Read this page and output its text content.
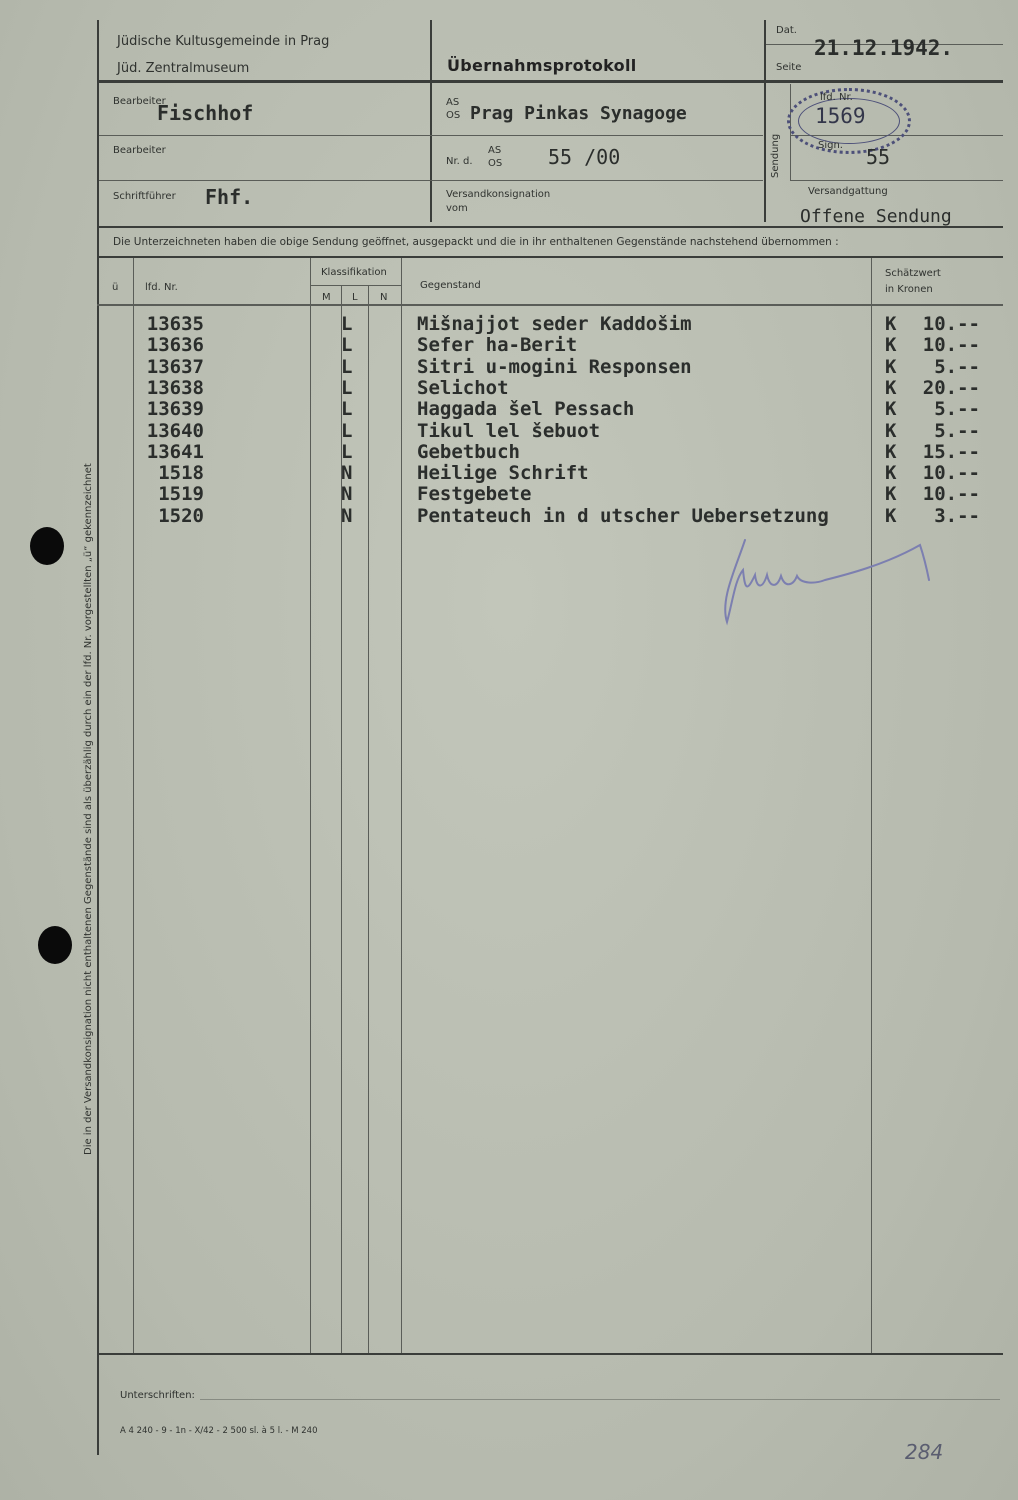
Die in der Versandkonsignation nicht enthaltenen Gegenstände sind als überzählig durch ein der lfd. Nr. vorgestellten „ü“ gekennzeichnet
Jüdische Kultusgemeinde in Prag
Jüd. Zentralmuseum	Übernahmsprotokoll
Dat.
21.12.1942.
Seite
Bearbeiter
Fischhof
Bearbeiter
Schriftführer Fhf.
AS
OS Prag Pinkas Synagoge
Nr. d.
AS
OS 55 /00
Versandkonsignation
vom
Sendung
lfd. Nr.
1569
Sign. 55
Versandgattung
Offene Sendung
Die Unterzeichneten haben die obige Sendung geöffnet, ausgepackt und die in ihr enthaltenen Gegenstände nachstehend übernommen :
ü	lfd. Nr.
Klassifikation
M L N
Gegenstand
Schätzwert
in Kronen
13635	L	Mišnajjot seder Kaddošim	K 10.--
13636	L	Sefer ha-Berit	K 10.--
13637	L	Sitri u-mogini Responsen	K 5.--
13638	L	Selichot	K 20.--
13639	L	Haggada šel Pessach	K 5.--
13640	L	Tikul lel šebuot	K 5.--
13641	L	Gebetbuch	K 15.--
1518	N	Heilige Schrift	K 10.--
1519	N	Festgebete	K 10.--
1520	N	Pentateuch in d utscher Uebersetzung	K 3.--
Unterschriften:
A 4 240 - 9 - 1n - X/42 - 2 500 sl. à 5 l. - M 240
284
